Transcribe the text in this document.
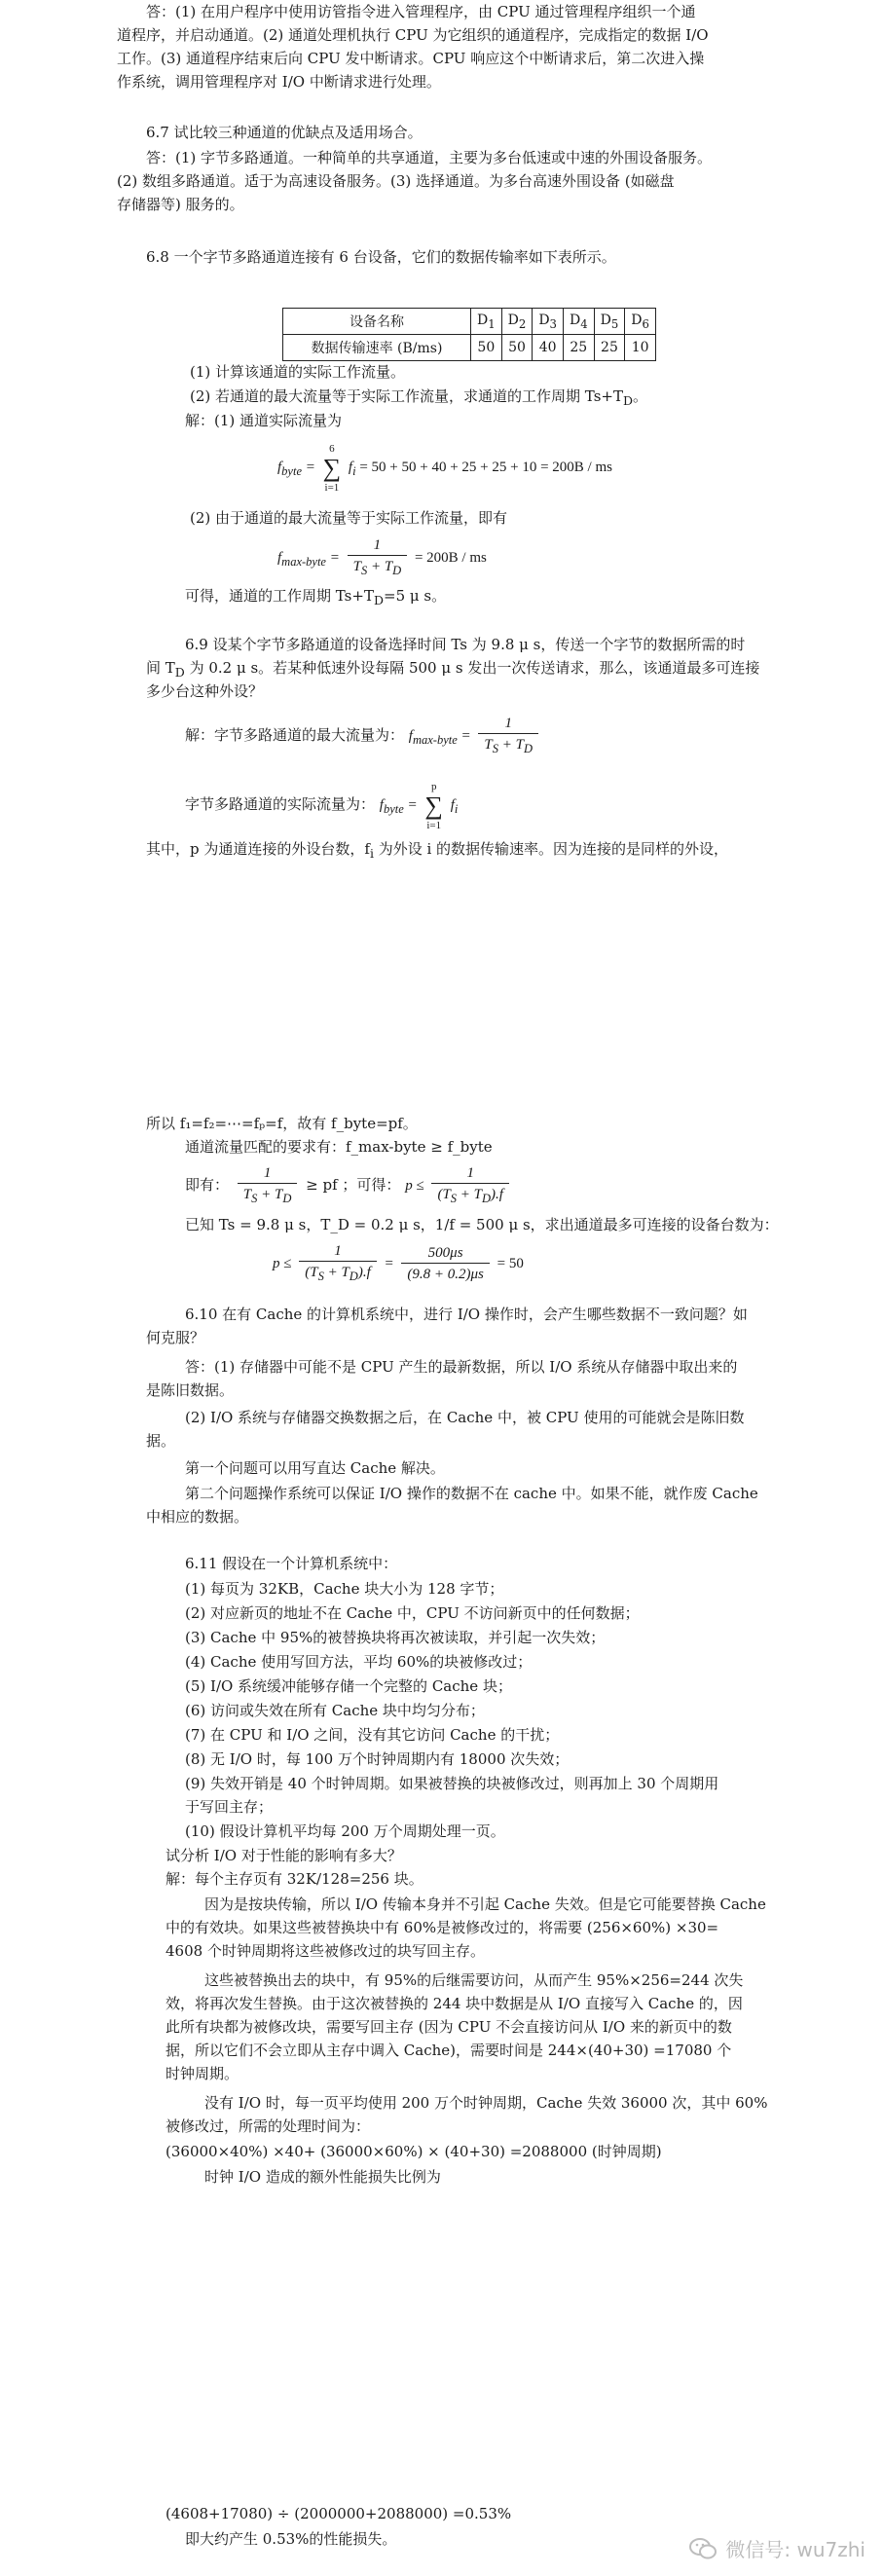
答：(1) 在用户程序中使用访管指令进入管理程序，由 CPU 通过管理程序组织一个通
道程序，并启动通道。(2) 通道处理机执行 CPU 为它组织的通道程序，完成指定的数据 I/O
工作。(3) 通道程序结束后向 CPU 发中断请求。CPU 响应这个中断请求后，第二次进入操
作系统，调用管理程序对 I/O 中断请求进行处理。
6.7 试比较三种通道的优缺点及适用场合。
答：(1) 字节多路通道。一种简单的共享通道，主要为多台低速或中速的外围设备服务。
(2) 数组多路通道。适于为高速设备服务。(3) 选择通道。为多台高速外围设备 (如磁盘
存储器等) 服务的。
6.8 一个字节多路通道连接有 6 台设备，它们的数据传输率如下表所示。
设备名称	$D_1$	$D_2$	$D_3$	$D_4$	$D_5$	$D_6$
数据传输速率 (B/ms)	50	50	40	25	25	10
(1) 计算该通道的实际工作流量。
(2) 若通道的最大流量等于实际工作流量，求通道的工作周期 $Ts+T_D$。
解：(1) 通道实际流量为
$f_{byte}$ =
6
∑
i=1
$f_i = 50 + 50 + 40 + 25 + 25 + 10 = 200B$ / ms
(2) 由于通道的最大流量等于实际工作流量，即有
$f_{max-byte} = \frac{1}{T_S + T_D} = 200B$ / ms
可得，通道的工作周期 $Ts+T_D=5$ μ s。
6.9 设某个字节多路通道的设备选择时间 Ts 为 9.8 μ s，传送一个字节的数据所需的时
间 $T_D$ 为 0.2 μ s。若某种低速外设每隔 500 μ s 发出一次传送请求，那么，该通道最多可连接
多少台这种外设？
解：字节多路通道的最大流量为： $f_{max-byte} = \frac{1}{T_S + T_D}$
字节多路通道的实际流量为： $f_{byte}$ =
p
∑
i=1
$f_i$
其中，p 为通道连接的外设台数，$f_i$ 为外设 i 的数据传输速率。因为连接的是同样的外设，
所以 f₁=f₂=⋯=fₚ=f，故有 f_byte=pf。
通道流量匹配的要求有：f_max-byte ≥ f_byte
即有： $\frac{1}{T_S + T_D}$ ≥ pf ；可得： $p \le \frac{1}{(T_S + T_D).f}$
已知 Ts = 9.8 μ s，T_D = 0.2 μ s，1/f = 500 μ s，求出通道最多可连接的设备台数为：
$p \le \frac{1}{(T_S + T_D).f} = \frac{500\mu s}{(9.8 + 0.2)\mu s} = 50$
6.10 在有 Cache 的计算机系统中，进行 I/O 操作时，会产生哪些数据不一致问题？如
何克服？
答：(1) 存储器中可能不是 CPU 产生的最新数据，所以 I/O 系统从存储器中取出来的
是陈旧数据。
(2) I/O 系统与存储器交换数据之后，在 Cache 中，被 CPU 使用的可能就会是陈旧数
据。
第一个问题可以用写直达 Cache 解决。
第二个问题操作系统可以保证 I/O 操作的数据不在 cache 中。如果不能，就作废 Cache
中相应的数据。
6.11 假设在一个计算机系统中：
(1) 每页为 32KB，Cache 块大小为 128 字节；
(2) 对应新页的地址不在 Cache 中，CPU 不访问新页中的任何数据；
(3) Cache 中 95%的被替换块将再次被读取，并引起一次失效；
(4) Cache 使用写回方法，平均 60%的块被修改过；
(5) I/O 系统缓冲能够存储一个完整的 Cache 块；
(6) 访问或失效在所有 Cache 块中均匀分布；
(7) 在 CPU 和 I/O 之间，没有其它访问 Cache 的干扰；
(8) 无 I/O 时，每 100 万个时钟周期内有 18000 次失效；
(9) 失效开销是 40 个时钟周期。如果被替换的块被修改过，则再加上 30 个周期用
于写回主存；
(10) 假设计算机平均每 200 万个周期处理一页。
试分析 I/O 对于性能的影响有多大？
解：每个主存页有 32K/128=256 块。
因为是按块传输，所以 I/O 传输本身并不引起 Cache 失效。但是它可能要替换 Cache
中的有效块。如果这些被替换块中有 60%是被修改过的，将需要 (256×60%) ×30=
4608 个时钟周期将这些被修改过的块写回主存。
这些被替换出去的块中，有 95%的后继需要访问，从而产生 95%×256=244 次失
效，将再次发生替换。由于这次被替换的 244 块中数据是从 I/O 直接写入 Cache 的，因
此所有块都为被修改块，需要写回主存 (因为 CPU 不会直接访问从 I/O 来的新页中的数
据，所以它们不会立即从主存中调入 Cache)，需要时间是 244×(40+30) =17080 个
时钟周期。
没有 I/O 时，每一页平均使用 200 万个时钟周期，Cache 失效 36000 次，其中 60%
被修改过，所需的处理时间为：
(36000×40%) ×40+ (36000×60%) × (40+30) =2088000 (时钟周期)
时钟 I/O 造成的额外性能损失比例为
(4608+17080) ÷ (2000000+2088000) =0.53%
即大约产生 0.53%的性能损失。	微信号: wu7zhi
